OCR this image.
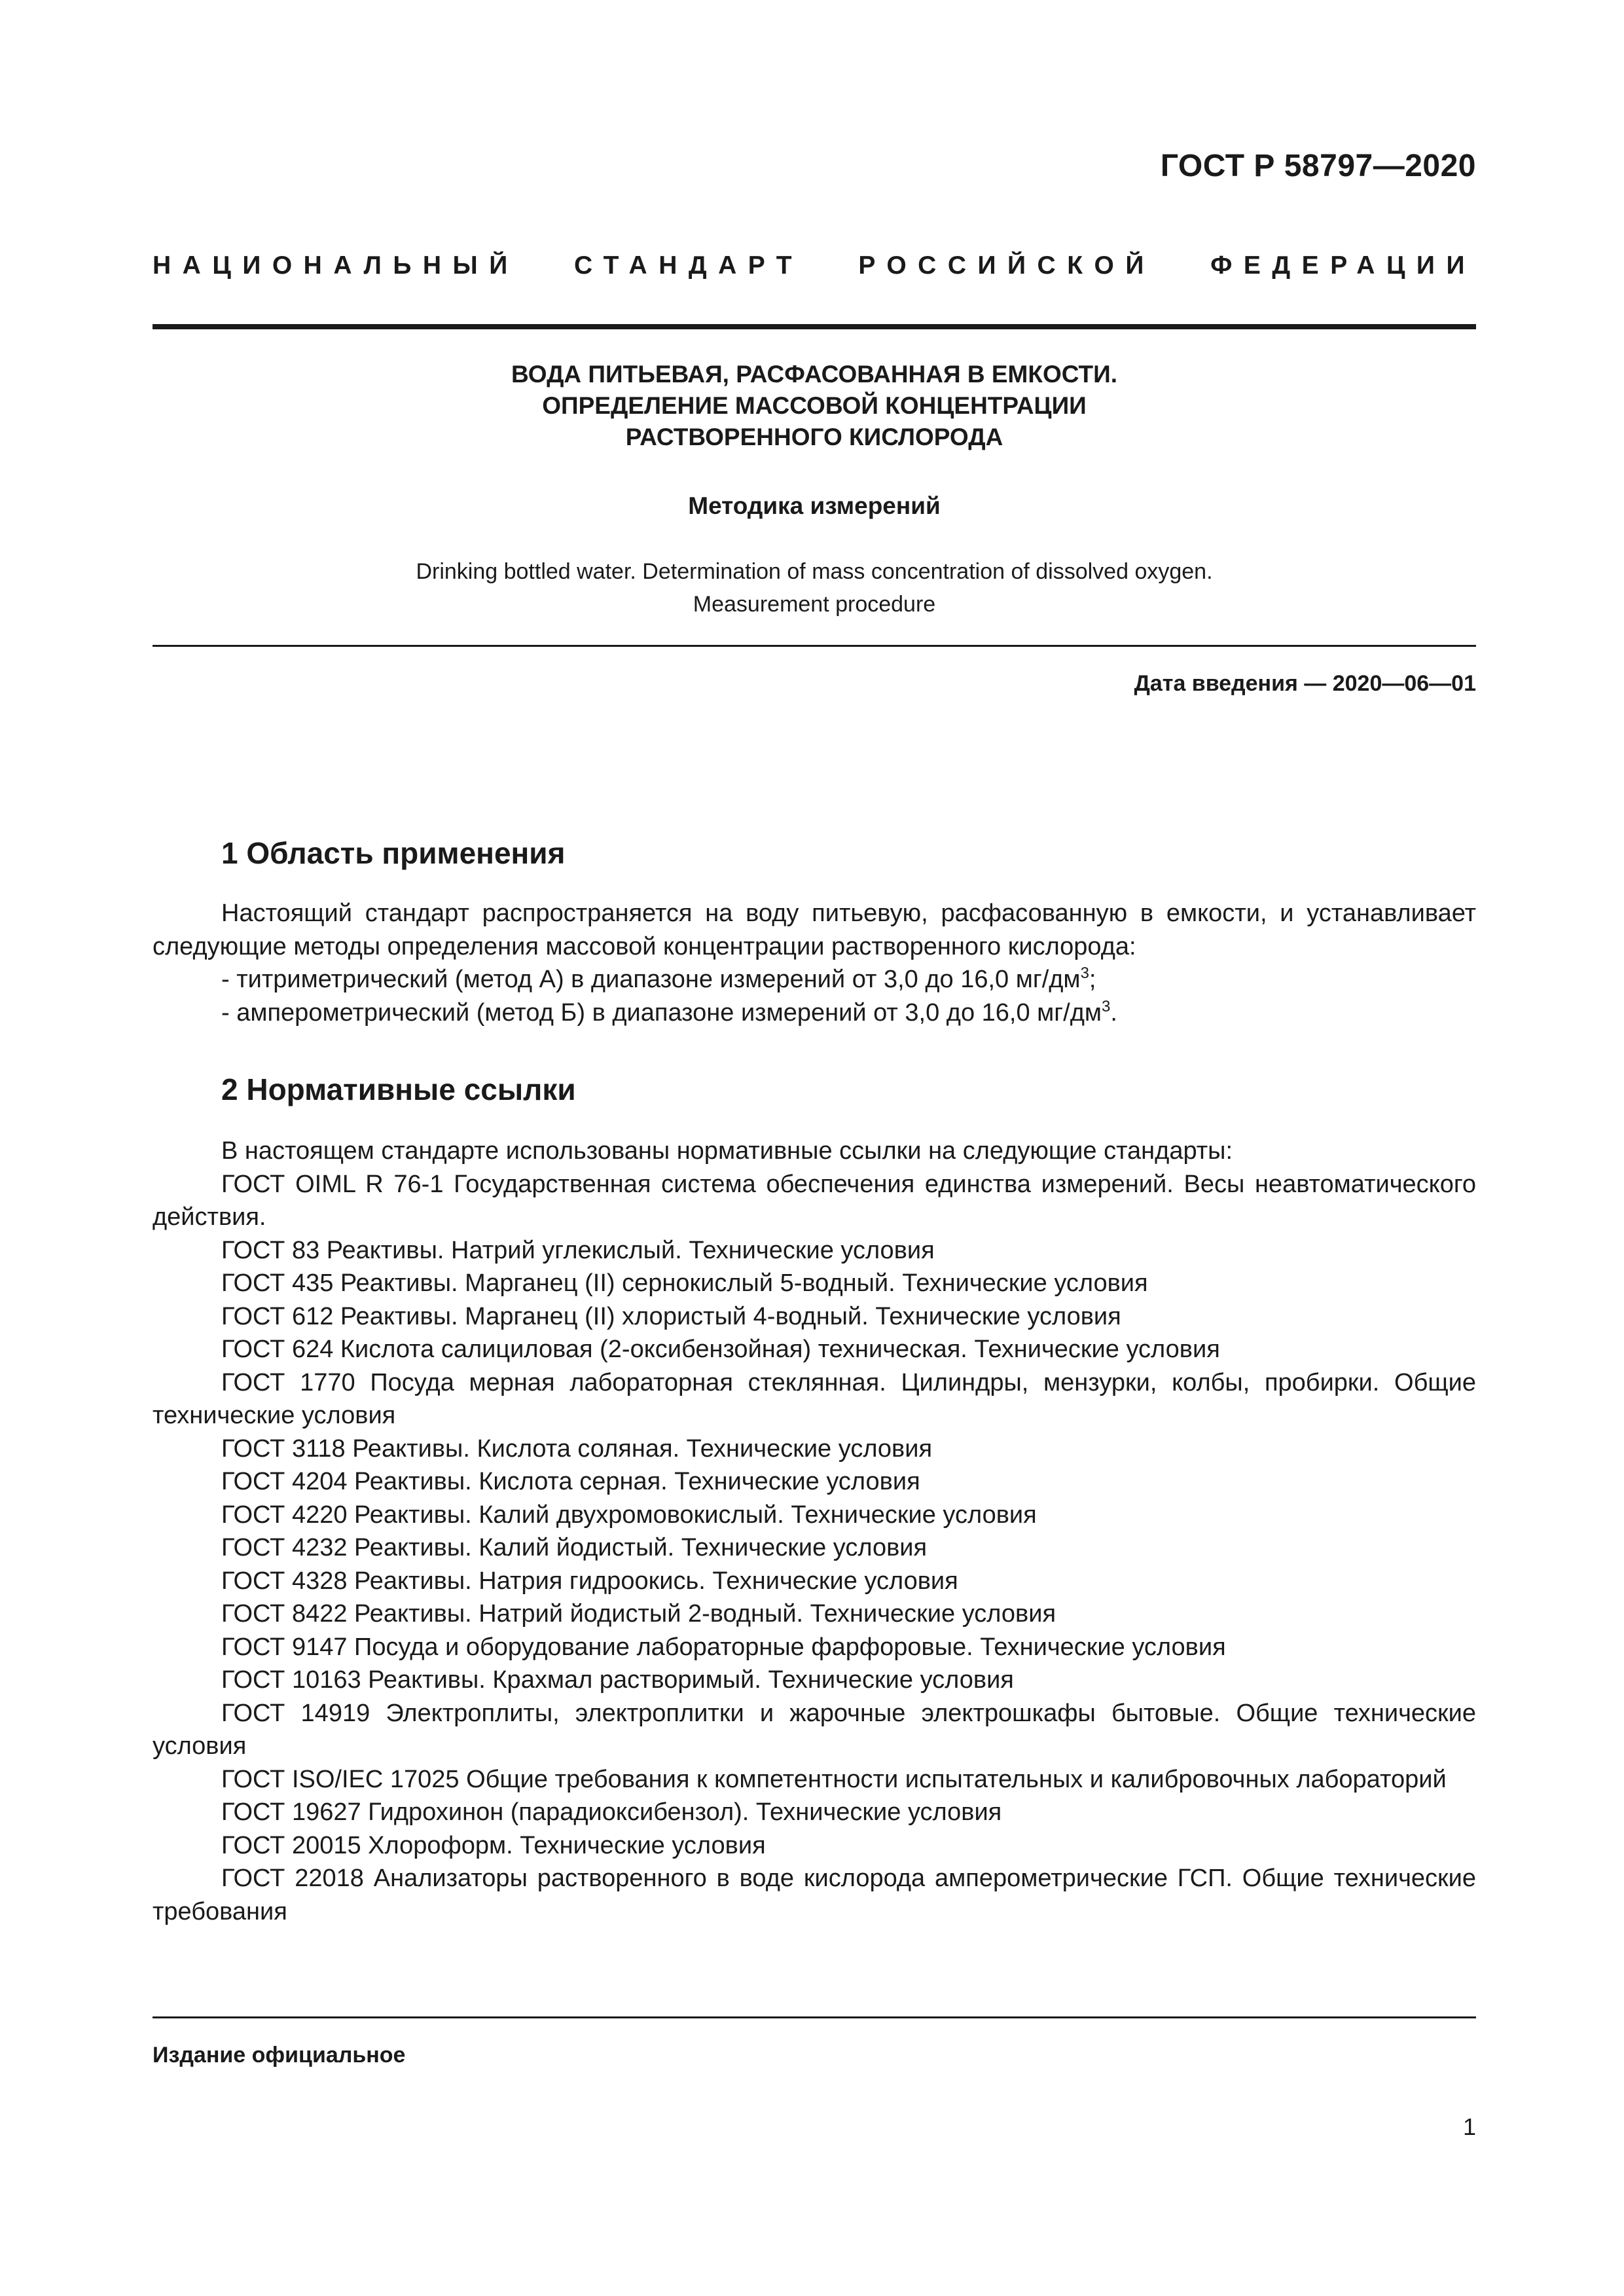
ГОСТ Р 58797—2020
НАЦИОНАЛЬНЫЙ СТАНДАРТ РОССИЙСКОЙ ФЕДЕРАЦИИ
ВОДА ПИТЬЕВАЯ, РАСФАСОВАННАЯ В ЕМКОСТИ.
ОПРЕДЕЛЕНИЕ МАССОВОЙ КОНЦЕНТРАЦИИ
РАСТВОРЕННОГО КИСЛОРОДА
Методика измерений
Drinking bottled water. Determination of mass concentration of dissolved oxygen.
Measurement procedure
Дата введения — 2020—06—01
1 Область применения

Настоящий стандарт распространяется на воду питьевую, расфасованную в емкости, и устанавливает следующие методы определения массовой концентрации растворенного кислорода:

- титриметрический (метод А) в диапазоне измерений от 3,0 до 16,0 $мг/дм^3$;

- амперометрический (метод Б) в диапазоне измерений от 3,0 до 16,0 $мг/дм^3$.

2 Нормативные ссылки

В настоящем стандарте использованы нормативные ссылки на следующие стандарты:

ГОСТ OIML R 76-1 Государственная система обеспечения единства измерений. Весы неавтоматического действия.

ГОСТ 83 Реактивы. Натрий углекислый. Технические условия

ГОСТ 435 Реактивы. Марганец (II) сернокислый 5-водный. Технические условия

ГОСТ 612 Реактивы. Марганец (II) хлористый 4-водный. Технические условия

ГОСТ 624 Кислота салициловая (2-оксибензойная) техническая. Технические условия

ГОСТ 1770 Посуда мерная лабораторная стеклянная. Цилиндры, мензурки, колбы, пробирки. Общие технические условия

ГОСТ 3118 Реактивы. Кислота соляная. Технические условия

ГОСТ 4204 Реактивы. Кислота серная. Технические условия

ГОСТ 4220 Реактивы. Калий двухромовокислый. Технические условия

ГОСТ 4232 Реактивы. Калий йодистый. Технические условия

ГОСТ 4328 Реактивы. Натрия гидроокись. Технические условия

ГОСТ 8422 Реактивы. Натрий йодистый 2-водный. Технические условия

ГОСТ 9147 Посуда и оборудование лабораторные фарфоровые. Технические условия

ГОСТ 10163 Реактивы. Крахмал растворимый. Технические условия

ГОСТ 14919 Электроплиты, электроплитки и жарочные электрошкафы бытовые. Общие технические условия

ГОСТ ISO/IEC 17025 Общие требования к компетентности испытательных и калибровочных лабораторий

ГОСТ 19627 Гидрохинон (парадиоксибензол). Технические условия

ГОСТ 20015 Хлороформ. Технические условия

ГОСТ 22018 Анализаторы растворенного в воде кислорода амперометрические ГСП. Общие технические требования

Издание официальное
1
